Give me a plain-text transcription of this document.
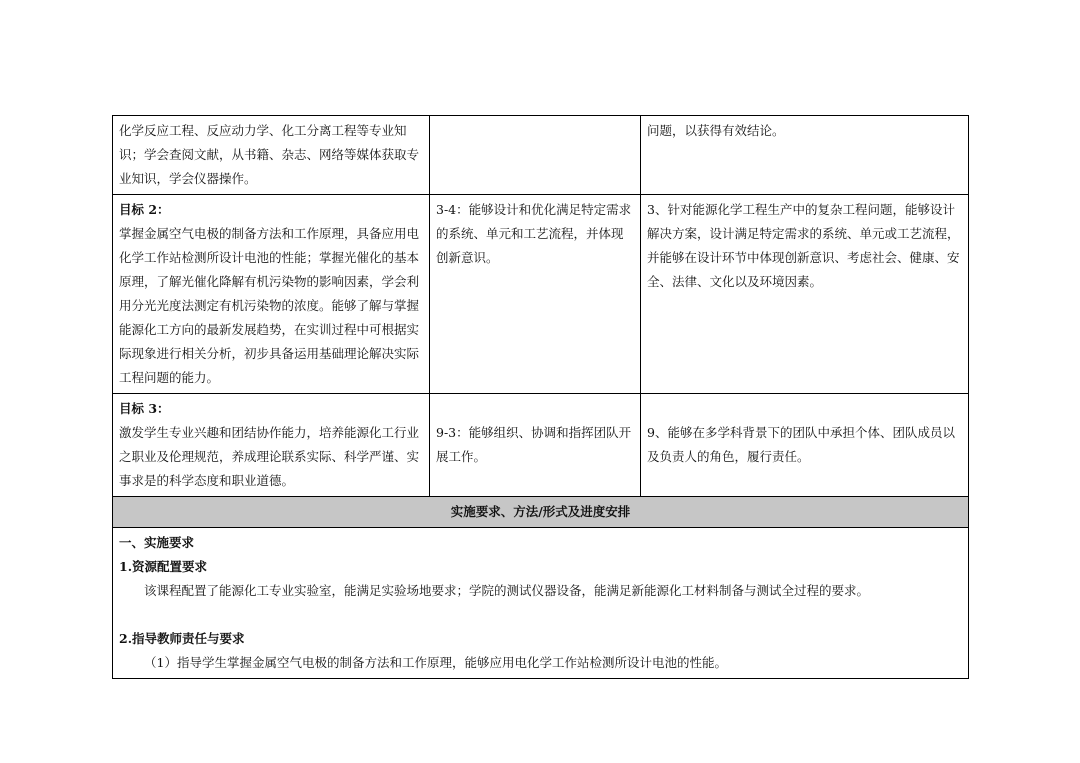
化学反应工程、反应动力学、化工分离工程等专业知识；学会查阅文献，从书籍、杂志、网络等媒体获取专业知识，学会仪器操作。		问题，以获得有效结论。

目标 2：
掌握金属空气电极的制备方法和工作原理，具备应用电化学工作站检测所设计电池的性能；掌握光催化的基本原理，了解光催化降解有机污染物的影响因素，学会利用分光光度法测定有机污染物的浓度。能够了解与掌握能源化工方向的最新发展趋势，在实训过程中可根据实际现象进行相关分析，初步具备运用基础理论解决实际工程问题的能力。	3-4：能够设计和优化满足特定需求的系统、单元和工艺流程，并体现创新意识。	3、针对能源化学工程生产中的复杂工程问题，能够设计解决方案，设计满足特定需求的系统、单元或工艺流程，并能够在设计环节中体现创新意识、考虑社会、健康、安全、法律、文化以及环境因素。

目标 3：
激发学生专业兴趣和团结协作能力，培养能源化工行业之职业及伦理规范，养成理论联系实际、科学严谨、实事求是的科学态度和职业道德。	9-3：能够组织、协调和指挥团队开展工作。	9、能够在多学科背景下的团队中承担个体、团队成员以及负责人的角色，履行责任。
实施要求、方法/形式及进度安排		

一、实施要求
1.资源配置要求
该课程配置了能源化工专业实验室，能满足实验场地要求；学院的测试仪器设备，能满足新能源化工材料制备与测试全过程的要求。
2.指导教师责任与要求
（1）指导学生掌握金属空气电极的制备方法和工作原理，能够应用电化学工作站检测所设计电池的性能。		
